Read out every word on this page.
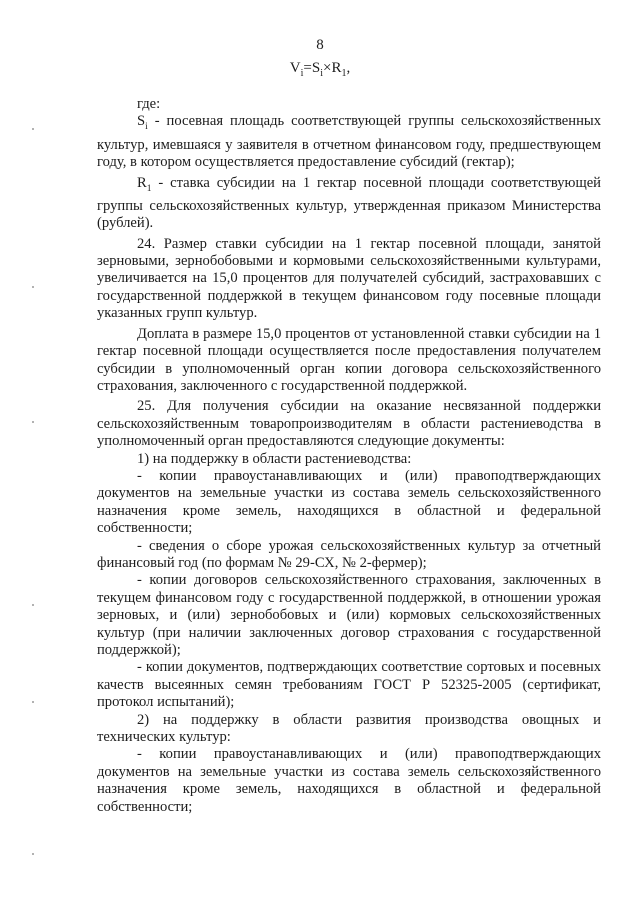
8
$V_i=S_i\times R_1$,

где:

$S_i$ - посевная площадь соответствующей группы сельскохозяйственных культур, имевшаяся у заявителя в отчетном финансовом году, предшествующем году, в котором осуществляется предоставление субсидий (гектар);

$R_1$ - ставка субсидии на 1 гектар посевной площади соответствующей группы сельскохозяйственных культур, утвержденная приказом Министерства (рублей).

24. Размер ставки субсидии на 1 гектар посевной площади, занятой зерновыми, зернобобовыми и кормовыми сельскохозяйственными культурами, увеличивается на 15,0 процентов для получателей субсидий, застраховавших с государственной поддержкой в текущем финансовом году посевные площади указанных групп культур.

Доплата в размере 15,0 процентов от установленной ставки субсидии на 1 гектар посевной площади осуществляется после предоставления получателем субсидии в уполномоченный орган копии договора сельскохозяйственного страхования, заключенного с государственной поддержкой.

25. Для получения субсидии на оказание несвязанной поддержки сельскохозяйственным товаропроизводителям в области растениеводства в уполномоченный орган предоставляются следующие документы:

1) на поддержку в области растениеводства:

- копии правоустанавливающих и (или) правоподтверждающих документов на земельные участки из состава земель сельскохозяйственного назначения кроме земель, находящихся в областной и федеральной собственности;

- сведения о сборе урожая сельскохозяйственных культур за отчетный финансовый год (по формам № 29-СХ, № 2-фермер);

- копии договоров сельскохозяйственного страхования, заключенных в текущем финансовом году с государственной поддержкой, в отношении урожая зерновых, и (или) зернобобовых и (или) кормовых сельскохозяйственных культур (при наличии заключенных договор страхования с государственной поддержкой);

- копии документов, подтверждающих соответствие сортовых и посевных качеств высеянных семян требованиям ГОСТ Р 52325-2005 (сертификат, протокол испытаний);

2) на поддержку в области развития производства овощных и технических культур:

- копии правоустанавливающих и (или) правоподтверждающих документов на земельные участки из состава земель сельскохозяйственного назначения кроме земель, находящихся в областной и федеральной собственности;
